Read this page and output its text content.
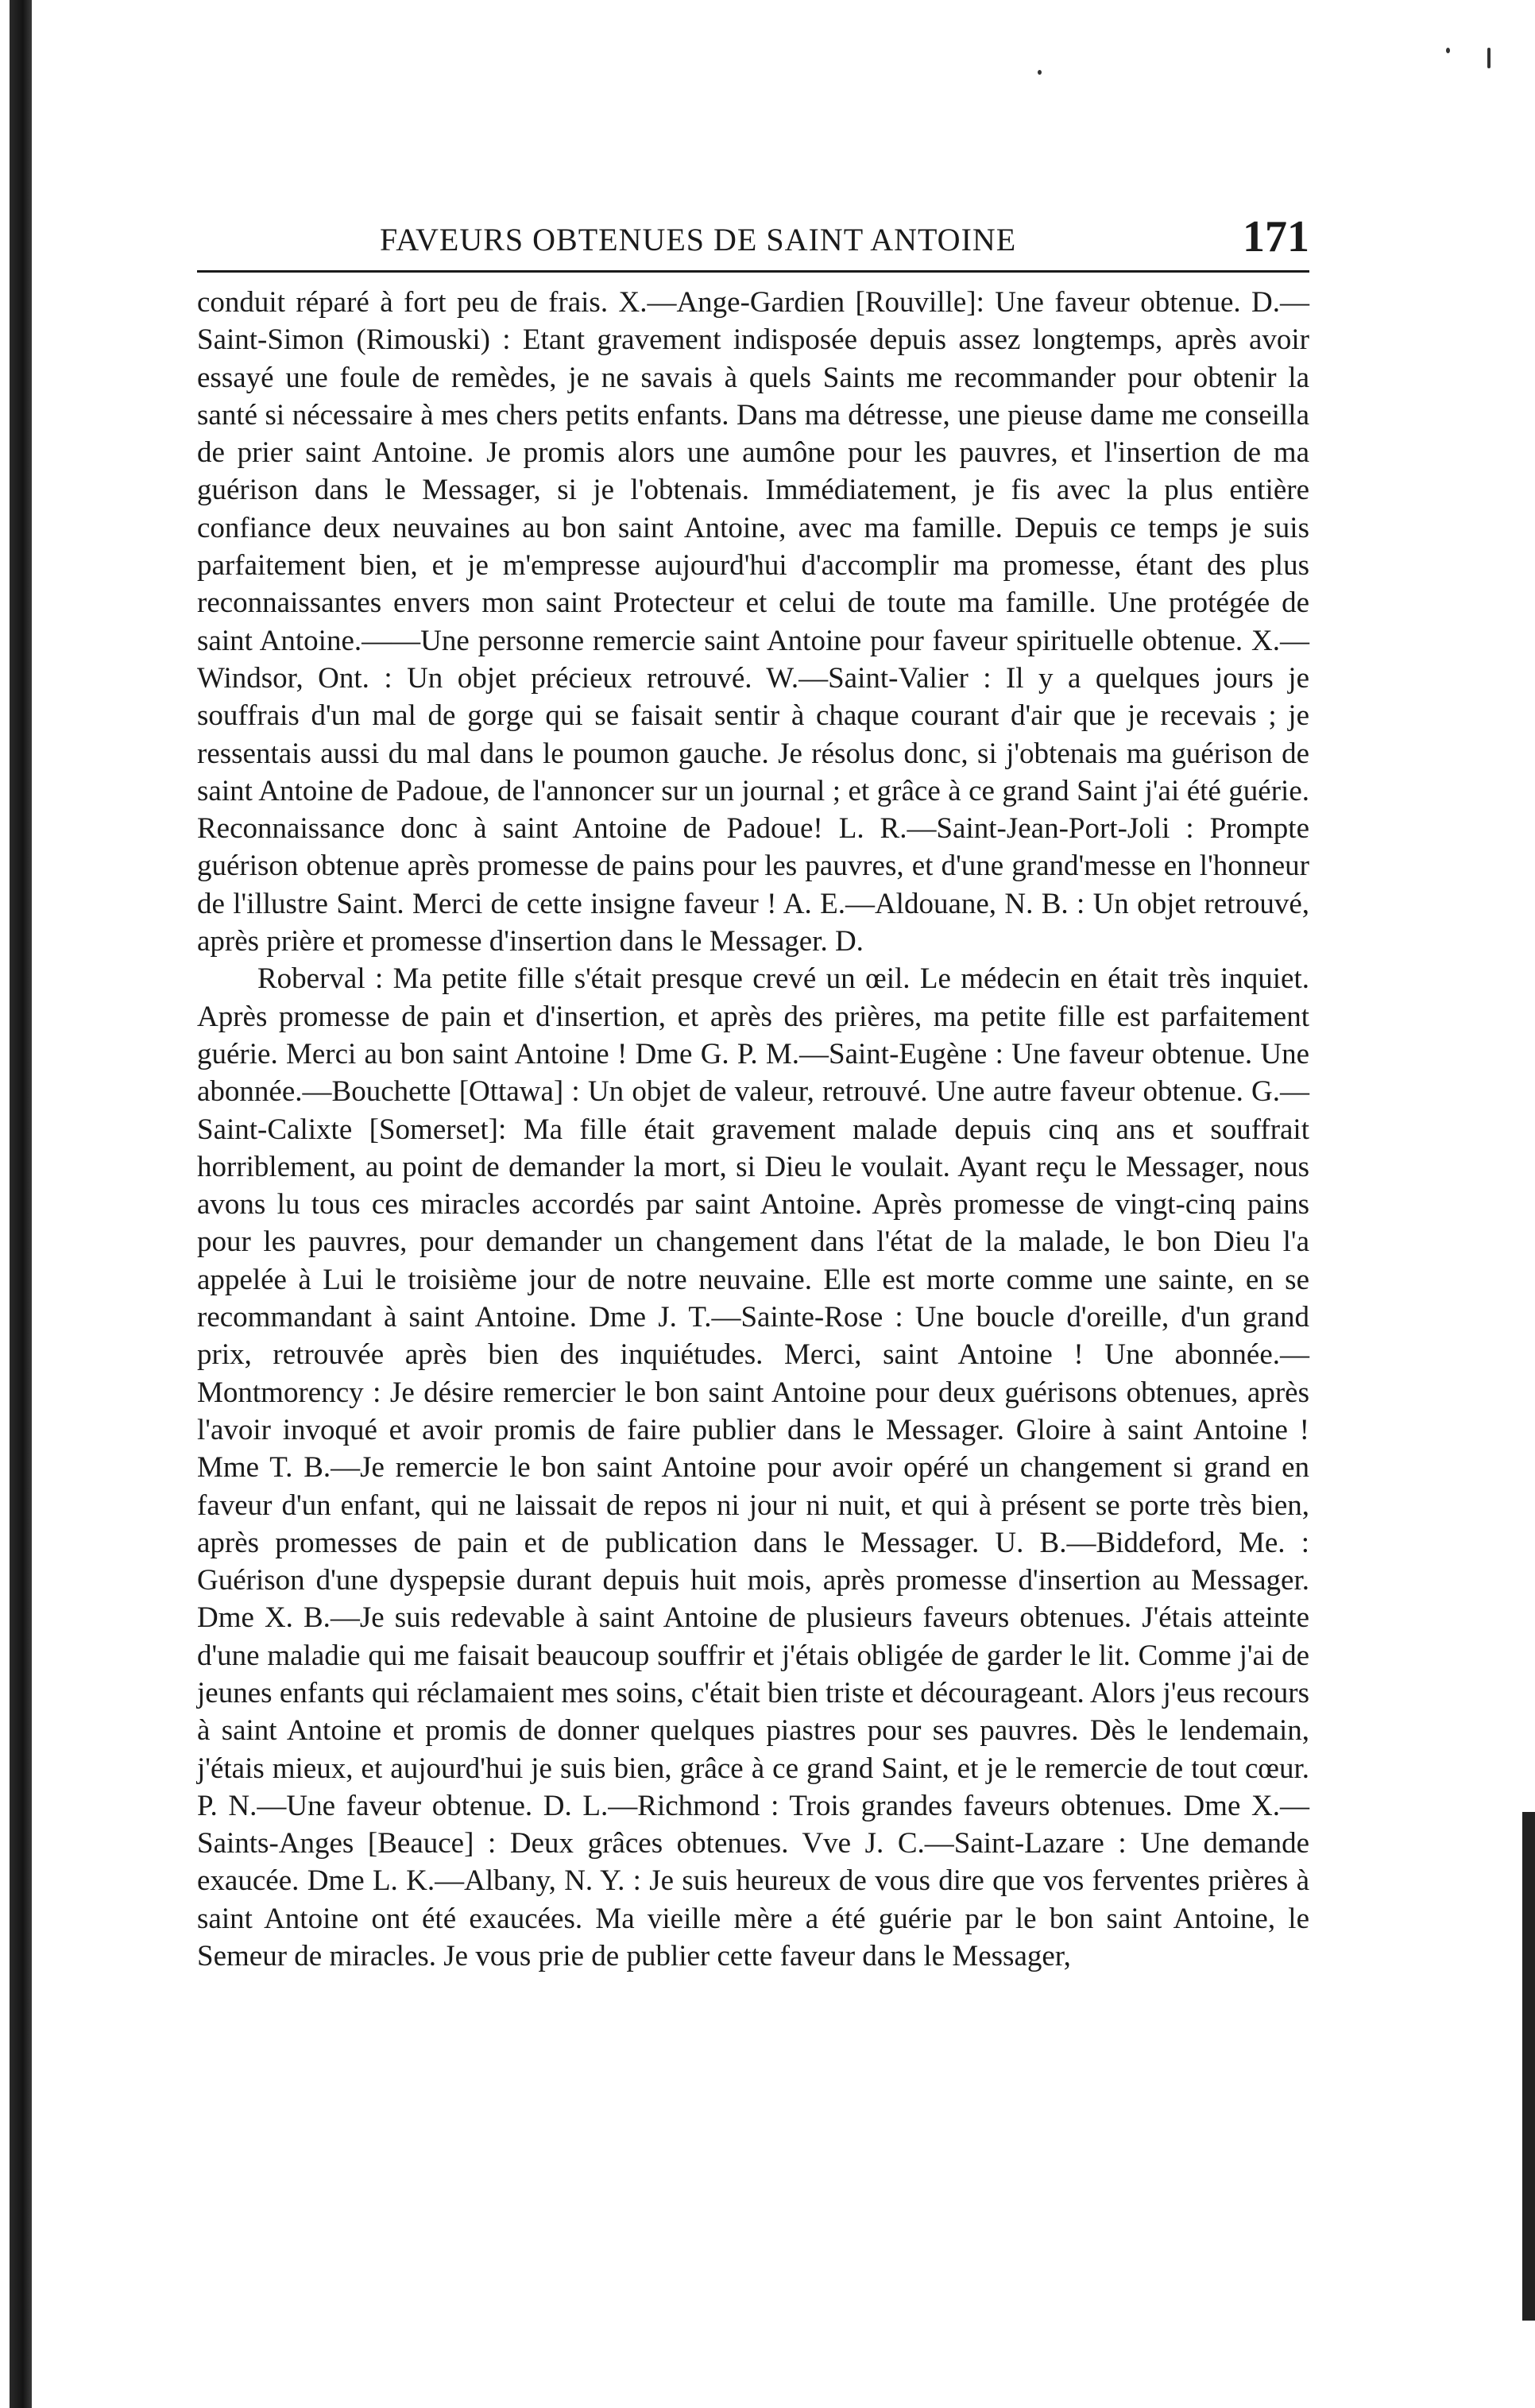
FAVEURS OBTENUES DE SAINT ANTOINE	171

conduit réparé à fort peu de frais. X.—Ange-Gardien [Rouville]: Une faveur obtenue. D.—Saint-Simon (Rimouski) : Etant gravement indisposée depuis assez longtemps, après avoir essayé une foule de remèdes, je ne savais à quels Saints me recommander pour obtenir la santé si nécessaire à mes chers petits enfants. Dans ma détresse, une pieuse dame me conseilla de prier saint Antoine. Je promis alors une aumône pour les pauvres, et l'insertion de ma guérison dans le Messager, si je l'obtenais. Immédiatement, je fis avec la plus entière confiance deux neuvaines au bon saint Antoine, avec ma famille. Depuis ce temps je suis parfaitement bien, et je m'empresse aujourd'hui d'accomplir ma promesse, étant des plus reconnaissantes envers mon saint Protecteur et celui de toute ma famille. Une protégée de saint Antoine.——Une personne remercie saint Antoine pour faveur spirituelle obtenue. X.—Windsor, Ont. : Un objet précieux retrouvé. W.—Saint-Valier : Il y a quelques jours je souffrais d'un mal de gorge qui se faisait sentir à chaque courant d'air que je recevais ; je ressentais aussi du mal dans le poumon gauche. Je résolus donc, si j'obtenais ma guérison de saint Antoine de Padoue, de l'annoncer sur un journal ; et grâce à ce grand Saint j'ai été guérie. Reconnaissance donc à saint Antoine de Padoue! L. R.—Saint-Jean-Port-Joli : Prompte guérison obtenue après promesse de pains pour les pauvres, et d'une grand'messe en l'honneur de l'illustre Saint. Merci de cette insigne faveur ! A. E.—Aldouane, N. B. : Un objet retrouvé, après prière et promesse d'insertion dans le Messager. D.

Roberval : Ma petite fille s'était presque crevé un œil. Le médecin en était très inquiet. Après promesse de pain et d'insertion, et après des prières, ma petite fille est parfaitement guérie. Merci au bon saint Antoine ! Dme G. P. M.—Saint-Eugène : Une faveur obtenue. Une abonnée.—Bouchette [Ottawa] : Un objet de valeur, retrouvé. Une autre faveur obtenue. G.—Saint-Calixte [Somerset]: Ma fille était gravement malade depuis cinq ans et souffrait horriblement, au point de demander la mort, si Dieu le voulait. Ayant reçu le Messager, nous avons lu tous ces miracles accordés par saint Antoine. Après promesse de vingt-cinq pains pour les pauvres, pour demander un changement dans l'état de la malade, le bon Dieu l'a appelée à Lui le troisième jour de notre neuvaine. Elle est morte comme une sainte, en se recommandant à saint Antoine. Dme J. T.—Sainte-Rose : Une boucle d'oreille, d'un grand prix, retrouvée après bien des inquiétudes. Merci, saint Antoine ! Une abonnée.—Montmorency : Je désire remercier le bon saint Antoine pour deux guérisons obtenues, après l'avoir invoqué et avoir promis de faire publier dans le Messager. Gloire à saint Antoine ! Mme T. B.—Je remercie le bon saint Antoine pour avoir opéré un changement si grand en faveur d'un enfant, qui ne laissait de repos ni jour ni nuit, et qui à présent se porte très bien, après promesses de pain et de publication dans le Messager. U. B.—Biddeford, Me. : Guérison d'une dyspepsie durant depuis huit mois, après promesse d'insertion au Messager. Dme X. B.—Je suis redevable à saint Antoine de plusieurs faveurs obtenues. J'étais atteinte d'une maladie qui me faisait beaucoup souffrir et j'étais obligée de garder le lit. Comme j'ai de jeunes enfants qui réclamaient mes soins, c'était bien triste et décourageant. Alors j'eus recours à saint Antoine et promis de donner quelques piastres pour ses pauvres. Dès le lendemain, j'étais mieux, et aujourd'hui je suis bien, grâce à ce grand Saint, et je le remercie de tout cœur. P. N.—Une faveur obtenue. D. L.—Richmond : Trois grandes faveurs obtenues. Dme X.—Saints-Anges [Beauce] : Deux grâces obtenues. Vve J. C.—Saint-Lazare : Une demande exaucée. Dme L. K.—Albany, N. Y. : Je suis heureux de vous dire que vos ferventes prières à saint Antoine ont été exaucées. Ma vieille mère a été guérie par le bon saint Antoine, le Semeur de miracles. Je vous prie de publier cette faveur dans le Messager,
